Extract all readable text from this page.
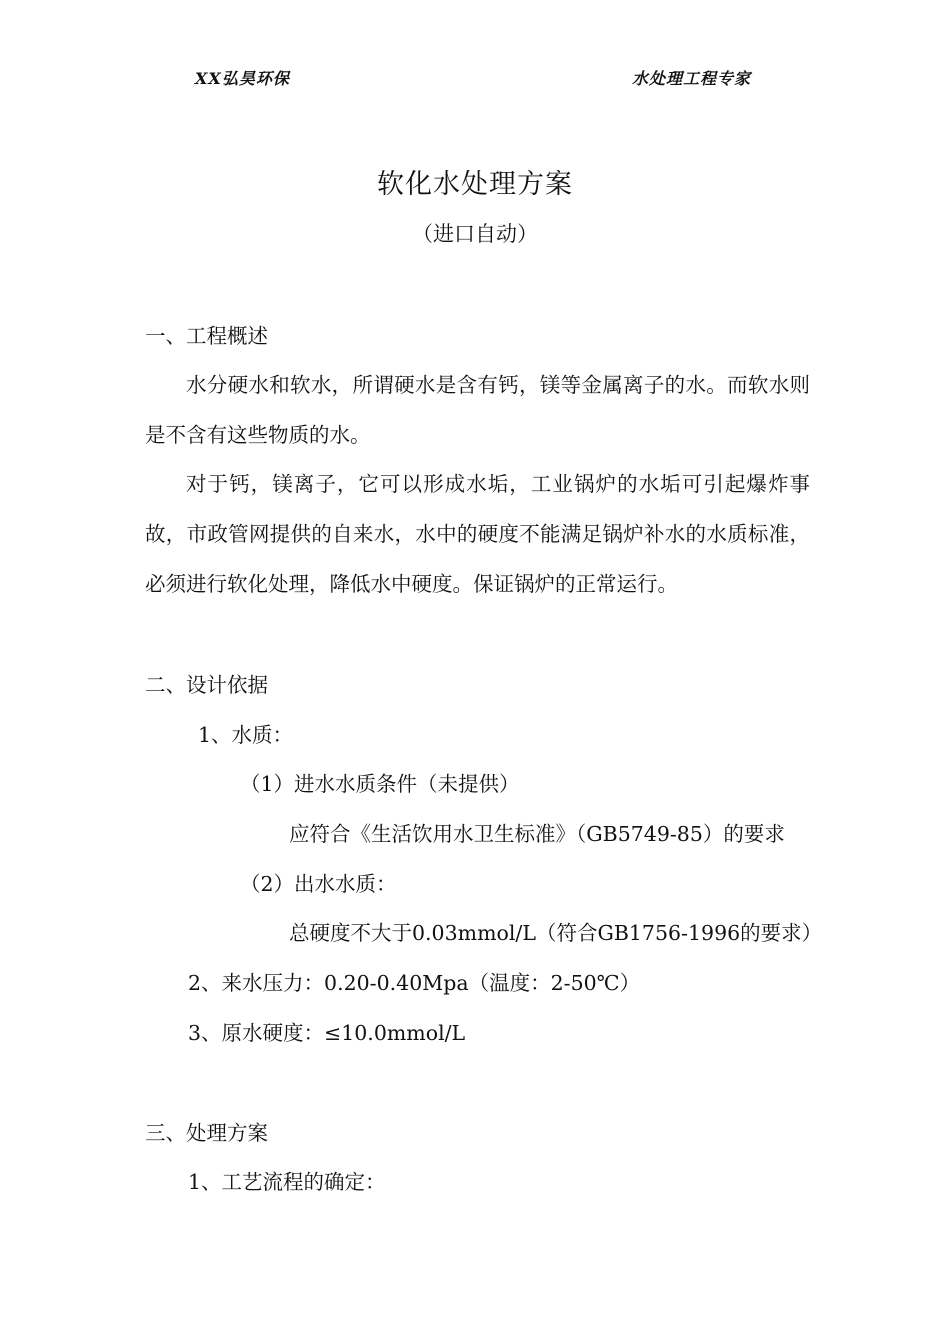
XX弘昊环保	水处理工程专家
软化水处理方案
（进口自动）
一、工程概述
水分硬水和软水，所谓硬水是含有钙，镁等金属离子的水。而软水则是不含有这些物质的水。
对于钙，镁离子，它可以形成水垢，工业锅炉的水垢可引起爆炸事故，市政管网提供的自来水，水中的硬度不能满足锅炉补水的水质标准，必须进行软化处理，降低水中硬度。保证锅炉的正常运行。
二、设计依据
1、水质：
（1）进水水质条件（未提供）
应符合《生活饮用水卫生标准》（GB5749-85）的要求
（2）出水水质：
总硬度不大于0.03mmol/L（符合GB1756-1996的要求）
2、来水压力：0.20-0.40Mpa（温度：2-50℃）
3、原水硬度：≤10.0mmol/L
三、处理方案
1、工艺流程的确定：
